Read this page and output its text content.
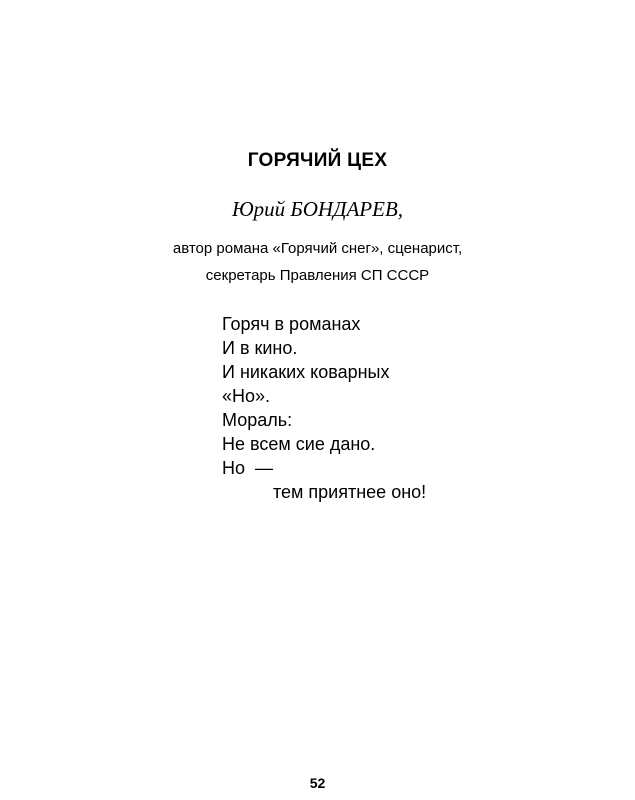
ГОРЯЧИЙ ЦЕХ
Юрий БОНДАРЕВ,
автор романа «Горячий снег», сценарист,
секретарь Правления СП СССР
Горяч в романах
И в кино.
И никаких коварных
«Но».
Мораль:
Не всем сие дано.
Но  —
тем приятнее оно!
52
